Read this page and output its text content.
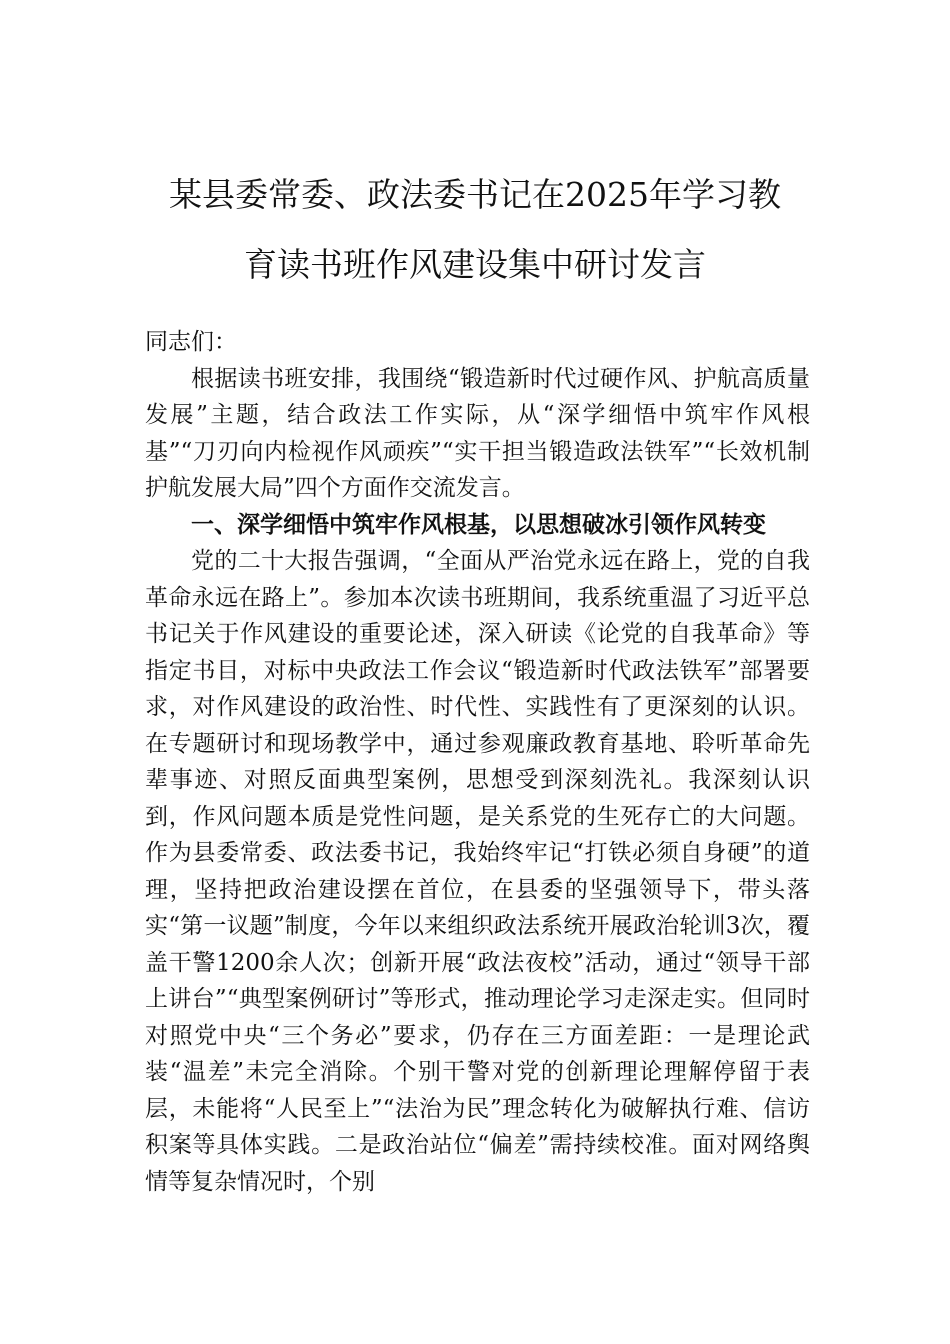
某县委常委、政法委书记在2025年学习教
育读书班作风建设集中研讨发言

同志们：

根据读书班安排，我围绕“锻造新时代过硬作风、护航高质量发展”主题，结合政法工作实际，从“深学细悟中筑牢作风根基”“刀刃向内检视作风顽疾”“实干担当锻造政法铁军”“长效机制护航发展大局”四个方面作交流发言。

一、深学细悟中筑牢作风根基，以思想破冰引领作风转变

党的二十大报告强调，“全面从严治党永远在路上，党的自我革命永远在路上”。参加本次读书班期间，我系统重温了习近平总书记关于作风建设的重要论述，深入研读《论党的自我革命》等指定书目，对标中央政法工作会议“锻造新时代政法铁军”部署要求，对作风建设的政治性、时代性、实践性有了更深刻的认识。在专题研讨和现场教学中，通过参观廉政教育基地、聆听革命先辈事迹、对照反面典型案例，思想受到深刻洗礼。我深刻认识到，作风问题本质是党性问题，是关系党的生死存亡的大问题。作为县委常委、政法委书记，我始终牢记“打铁必须自身硬”的道理，坚持把政治建设摆在首位，在县委的坚强领导下，带头落实“第一议题”制度，今年以来组织政法系统开展政治轮训3次，覆盖干警1200余人次；创新开展“政法夜校”活动，通过“领导干部上讲台”“典型案例研讨”等形式，推动理论学习走深走实。但同时对照党中央“三个务必”要求，仍存在三方面差距：一是理论武装“温差”未完全消除。个别干警对党的创新理论理解停留于表层，未能将“人民至上”“法治为民”理念转化为破解执行难、信访积案等具体实践。二是政治站位“偏差”需持续校准。面对网络舆情等复杂情况时，个别
